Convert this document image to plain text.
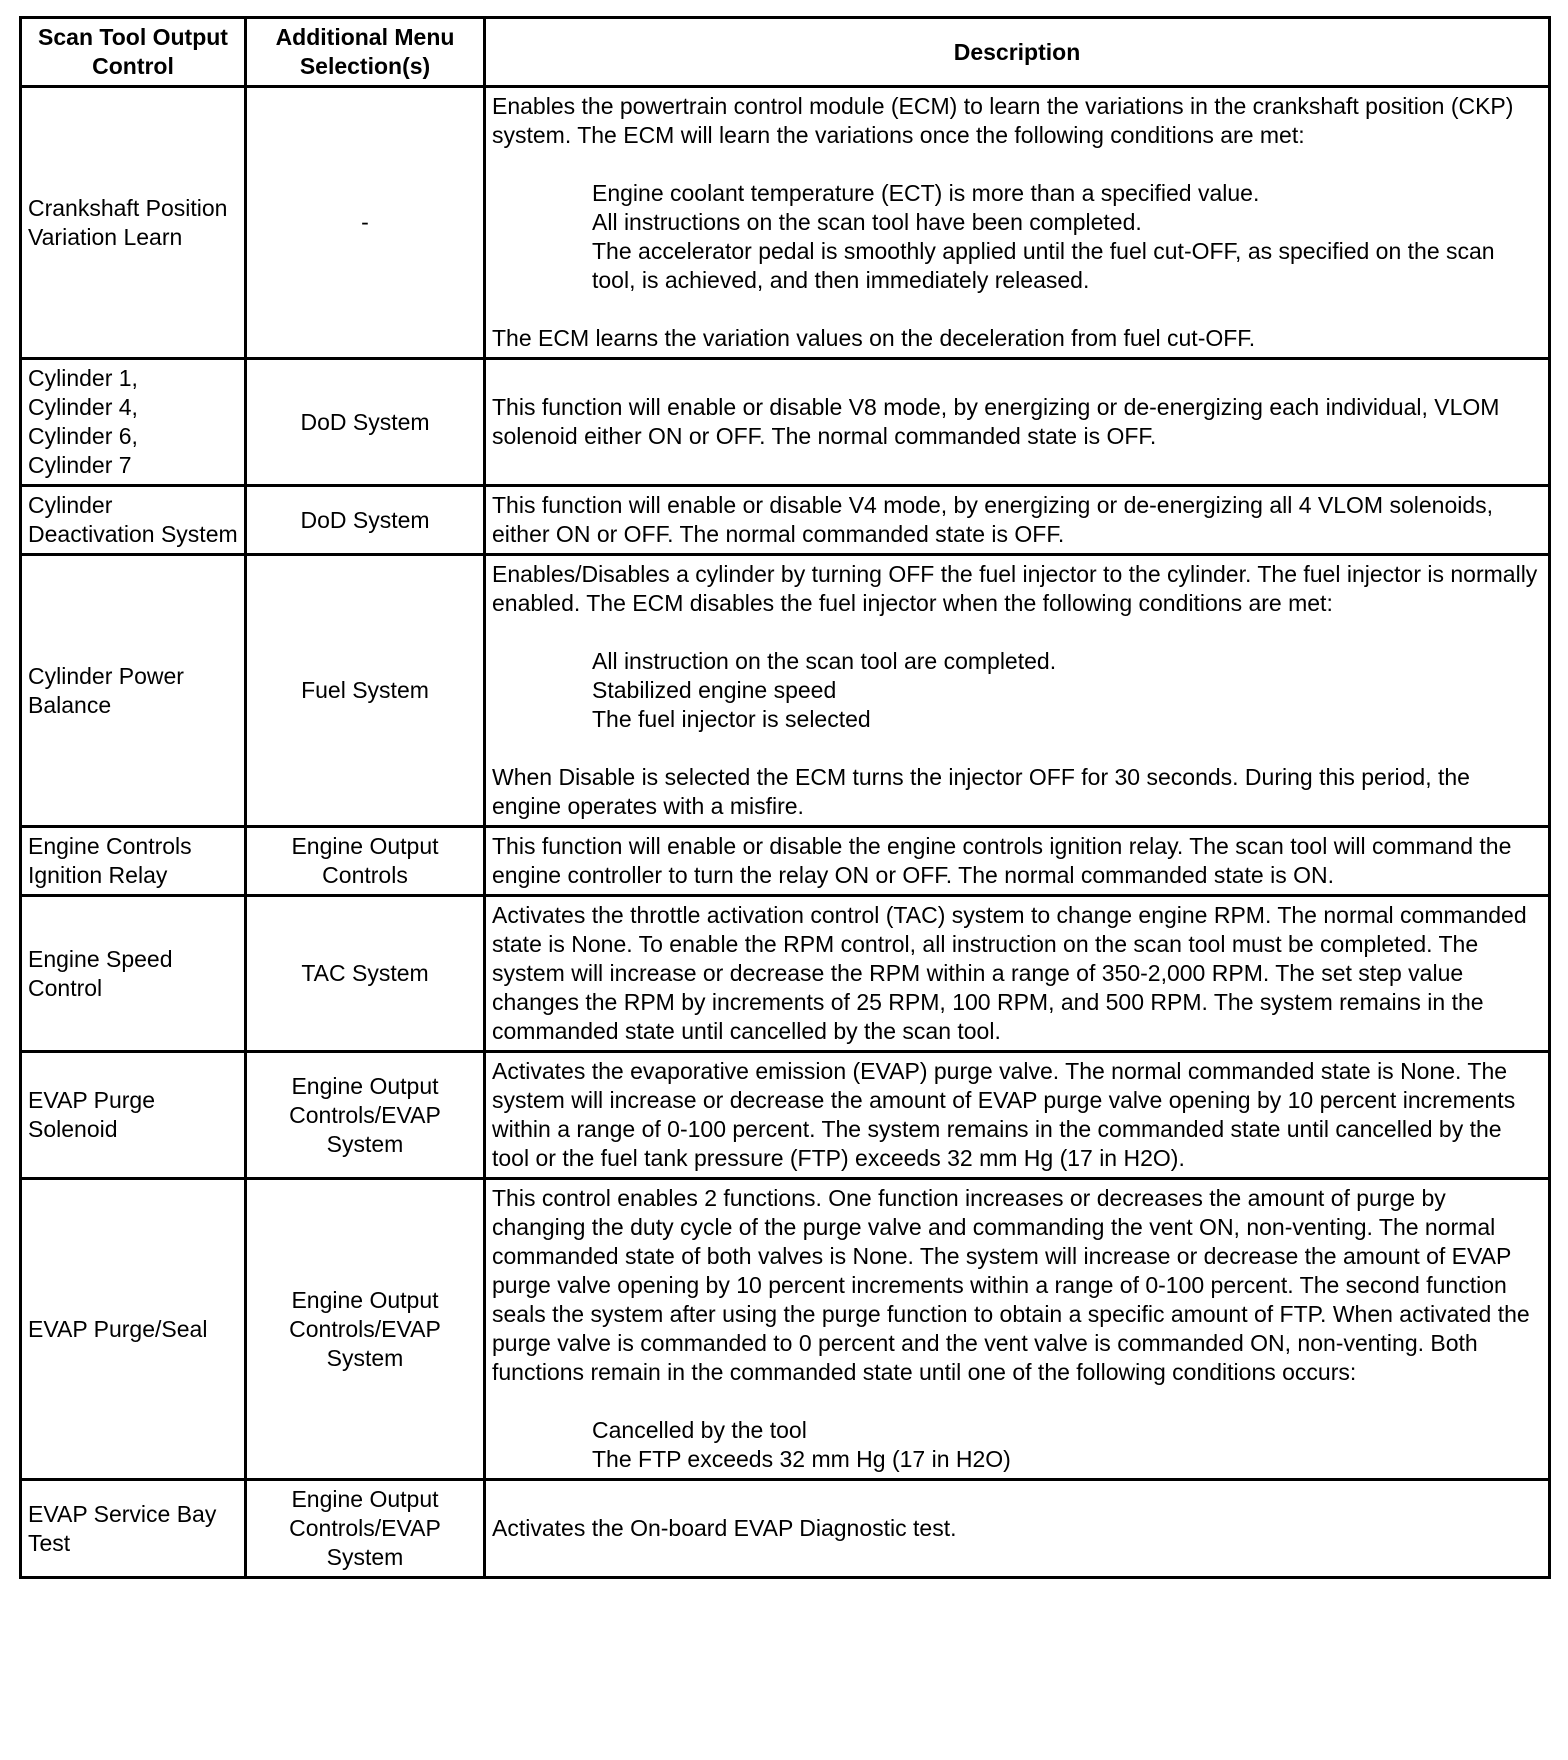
Scan Tool Output Control	Additional Menu Selection(s)	Description
Crankshaft Position Variation Learn	-	Enables the powertrain control module (ECM) to learn the variations in the crankshaft position (CKP) system. The ECM will learn the variations once the following conditions are met:
Engine coolant temperature (ECT) is more than a specified value.
All instructions on the scan tool have been completed.
The accelerator pedal is smoothly applied until the fuel cut-OFF, as specified on the scan tool, is achieved, and then immediately released.
The ECM learns the variation values on the deceleration from fuel cut-OFF.

Cylinder 1,
Cylinder 4,
Cylinder 6,
Cylinder 7	DoD System	This function will enable or disable V8 mode, by energizing or de-energizing each individual, VLOM solenoid either ON or OFF. The normal commanded state is OFF.

Cylinder Deactivation System	DoD System	This function will enable or disable V4 mode, by energizing or de-energizing all 4 VLOM solenoids, either ON or OFF. The normal commanded state is OFF.

Cylinder Power Balance	Fuel System	Enables/Disables a cylinder by turning OFF the fuel injector to the cylinder. The fuel injector is normally enabled. The ECM disables the fuel injector when the following conditions are met:
All instruction on the scan tool are completed.
Stabilized engine speed
The fuel injector is selected
When Disable is selected the ECM turns the injector OFF for 30 seconds. During this period, the engine operates with a misfire.

Engine Controls Ignition Relay	Engine Output Controls	This function will enable or disable the engine controls ignition relay. The scan tool will command the engine controller to turn the relay ON or OFF. The normal commanded state is ON.

Engine Speed Control	TAC System	Activates the throttle activation control (TAC) system to change engine RPM. The normal commanded state is None. To enable the RPM control, all instruction on the scan tool must be completed. The system will increase or decrease the RPM within a range of 350-2,000 RPM. The set step value changes the RPM by increments of 25 RPM, 100 RPM, and 500 RPM. The system remains in the commanded state until cancelled by the scan tool.

EVAP Purge Solenoid	Engine Output Controls/EVAP System	Activates the evaporative emission (EVAP) purge valve. The normal commanded state is None. The system will increase or decrease the amount of EVAP purge valve opening by 10 percent increments within a range of 0-100 percent. The system remains in the commanded state until cancelled by the tool or the fuel tank pressure (FTP) exceeds 32 mm Hg (17 in H2O).

EVAP Purge/Seal	Engine Output Controls/EVAP System	This control enables 2 functions. One function increases or decreases the amount of purge by changing the duty cycle of the purge valve and commanding the vent ON, non-venting. The normal commanded state of both valves is None. The system will increase or decrease the amount of EVAP purge valve opening by 10 percent increments within a range of 0-100 percent. The second function seals the system after using the purge function to obtain a specific amount of FTP. When activated the purge valve is commanded to 0 percent and the vent valve is commanded ON, non-venting. Both functions remain in the commanded state until one of the following conditions occurs:
Cancelled by the tool
The FTP exceeds 32 mm Hg (17 in H2O)

EVAP Service Bay Test	Engine Output Controls/EVAP System	Activates the On-board EVAP Diagnostic test.
